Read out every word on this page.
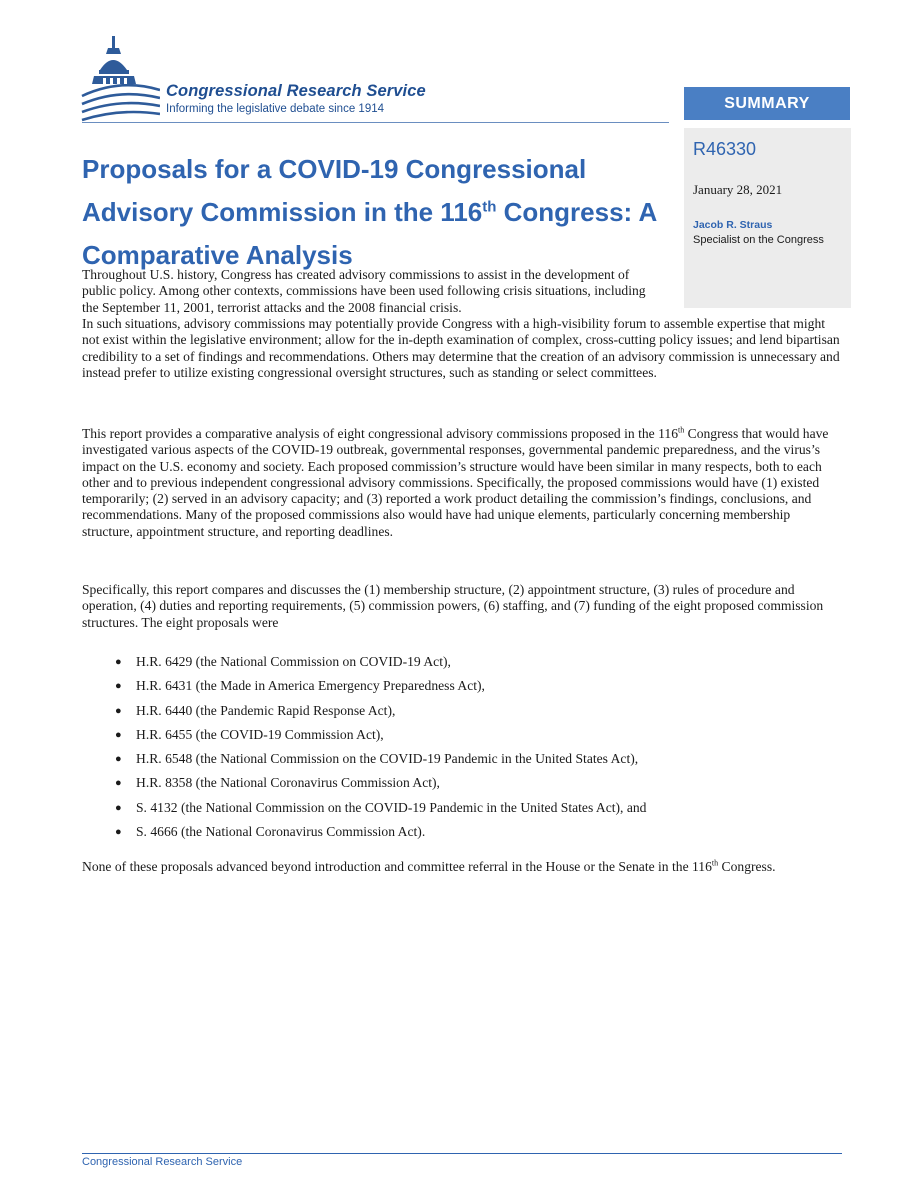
Congressional Research Service

Informing the legislative debate since 1914	SUMMARY

R46330

January 28, 2021

Jacob R. Straus

Specialist on the Congress

Proposals for a COVID-19 Congressional Advisory Commission in the 116th Congress: A Comparative Analysis

Throughout U.S. history, Congress has created advisory commissions to assist in the development of public policy. Among other contexts, commissions have been used following crisis situations, including the September 11, 2001, terrorist attacks and the 2008 financial crisis.

In such situations, advisory commissions may potentially provide Congress with a high-visibility forum to assemble expertise that might not exist within the legislative environment; allow for the in-depth examination of complex, cross-cutting policy issues; and lend bipartisan credibility to a set of findings and recommendations. Others may determine that the creation of an advisory commission is unnecessary and instead prefer to utilize existing congressional oversight structures, such as standing or select committees.

This report provides a comparative analysis of eight congressional advisory commissions proposed in the 116th Congress that would have investigated various aspects of the COVID-19 outbreak, governmental responses, governmental pandemic preparedness, and the virus’s impact on the U.S. economy and society. Each proposed commission’s structure would have been similar in many respects, both to each other and to previous independent congressional advisory commissions. Specifically, the proposed commissions would have (1) existed temporarily; (2) served in an advisory capacity; and (3) reported a work product detailing the commission’s findings, conclusions, and recommendations. Many of the proposed commissions also would have had unique elements, particularly concerning membership structure, appointment structure, and reporting deadlines.

Specifically, this report compares and discusses the (1) membership structure, (2) appointment structure, (3) rules of procedure and operation, (4) duties and reporting requirements, (5) commission powers, (6) staffing, and (7) funding of the eight proposed commission structures. The eight proposals were

● H.R. 6429 (the National Commission on COVID-19 Act),
● H.R. 6431 (the Made in America Emergency Preparedness Act),
● H.R. 6440 (the Pandemic Rapid Response Act),
● H.R. 6455 (the COVID-19 Commission Act),
● H.R. 6548 (the National Commission on the COVID-19 Pandemic in the United States Act),
● H.R. 8358 (the National Coronavirus Commission Act),
● S. 4132 (the National Commission on the COVID-19 Pandemic in the United States Act), and
● S. 4666 (the National Coronavirus Commission Act).

None of these proposals advanced beyond introduction and committee referral in the House or the Senate in the 116th Congress.

Congressional Research Service
